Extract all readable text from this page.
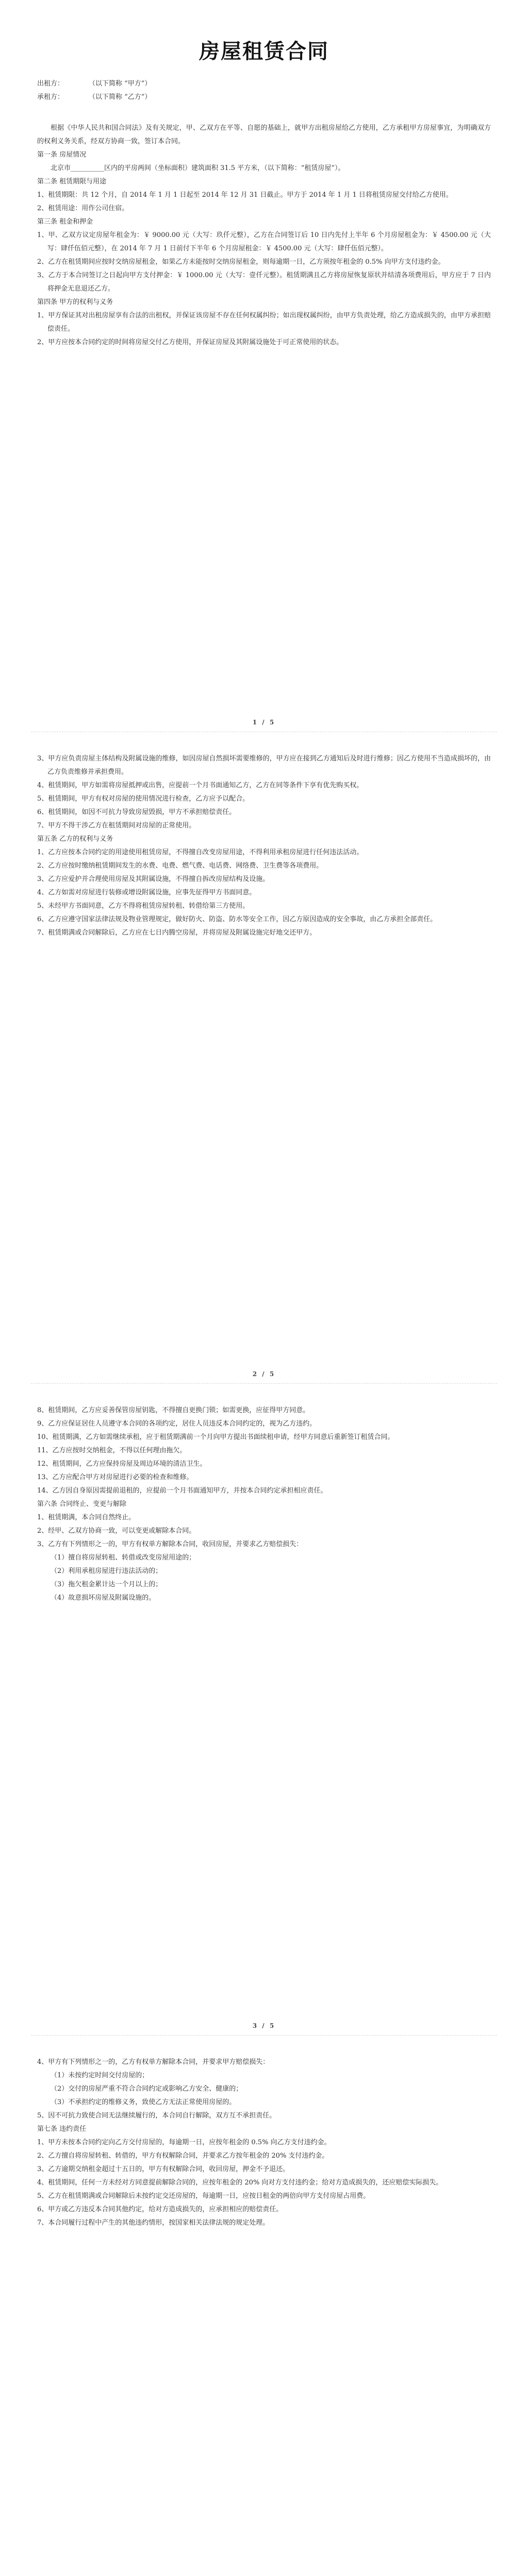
房屋租赁合同

出租方：	（以下简称 “甲方”）

承租方：	（以下简称 “乙方”）

根据《中华人民共和国合同法》及有关规定，甲、乙双方在平等、自愿的基础上，就甲方出租房屋给乙方使用，乙方承租甲方房屋事宜，为明确双方的权利义务关系，经双方协商一致，签订本合同。

第一条 房屋情况

北京市__________区内的平房两间（坐标面积）建筑面积 31.5 平方米，（以下简称：“租赁房屋”）。

第二条 租赁期限与用途

1、租赁期限：共 12 个月，自 2014 年 1 月 1 日起至 2014 年 12 月 31 日截止。甲方于 2014 年 1 月 1 日将租赁房屋交付给乙方使用。

2、租赁用途：用作公司住宿。

第三条 租金和押金

1、甲、乙双方议定房屋年租金为：￥ 9000.00 元（大写：玖仟元整），乙方在合同签订后 10 日内先付上半年 6 个月房屋租金为：￥ 4500.00 元（大写：肆仟伍佰元整），在 2014 年 7 月 1 日前付下半年 6 个月房屋租金：￥ 4500.00 元（大写：肆仟伍佰元整）。

2、乙方在租赁期间应按时交纳房屋租金，如果乙方未能按时交纳房屋租金，则每逾期一日，乙方须按年租金的 0.5% 向甲方支付违约金。

3、乙方于本合同签订之日起向甲方支付押金：￥ 1000.00 元（大写：壹仟元整）。租赁期满且乙方将房屋恢复原状并结清各项费用后，甲方应于 7 日内将押金无息退还乙方。

第四条 甲方的权利与义务

1、甲方保证其对出租房屋享有合法的出租权，并保证该房屋不存在任何权属纠纷；如出现权属纠纷，由甲方负责处理，给乙方造成损失的，由甲方承担赔偿责任。

2、甲方应按本合同约定的时间将房屋交付乙方使用，并保证房屋及其附属设施处于可正常使用的状态。

1 / 5

3、甲方应负责房屋主体结构及附属设施的维修，如因房屋自然损坏需要维修的，甲方应在接到乙方通知后及时进行维修；因乙方使用不当造成损坏的，由乙方负责维修并承担费用。

4、租赁期间，甲方如需将房屋抵押或出售，应提前一个月书面通知乙方，乙方在同等条件下享有优先购买权。

5、租赁期间，甲方有权对房屋的使用情况进行检查，乙方应予以配合。

6、租赁期间，如因不可抗力导致房屋毁损，甲方不承担赔偿责任。

7、甲方不得干涉乙方在租赁期间对房屋的正常使用。

第五条 乙方的权利与义务

1、乙方应按本合同约定的用途使用租赁房屋，不得擅自改变房屋用途，不得利用承租房屋进行任何违法活动。

2、乙方应按时缴纳租赁期间发生的水费、电费、燃气费、电话费、网络费、卫生费等各项费用。

3、乙方应爱护并合理使用房屋及其附属设施，不得擅自拆改房屋结构及设施。

4、乙方如需对房屋进行装修或增设附属设施，应事先征得甲方书面同意。

5、未经甲方书面同意，乙方不得将租赁房屋转租、转借给第三方使用。

6、乙方应遵守国家法律法规及物业管理规定，做好防火、防盗、防水等安全工作，因乙方原因造成的安全事故，由乙方承担全部责任。

7、租赁期满或合同解除后，乙方应在七日内腾空房屋，并将房屋及附属设施完好地交还甲方。

2 / 5

8、租赁期间，乙方应妥善保管房屋钥匙，不得擅自更换门锁；如需更换，应征得甲方同意。

9、乙方应保证居住人员遵守本合同的各项约定，居住人员违反本合同约定的，视为乙方违约。

10、租赁期满，乙方如需继续承租，应于租赁期满前一个月向甲方提出书面续租申请，经甲方同意后重新签订租赁合同。

11、乙方应按时交纳租金，不得以任何理由拖欠。

12、租赁期间，乙方应保持房屋及周边环境的清洁卫生。

13、乙方应配合甲方对房屋进行必要的检查和维修。

14、乙方因自身原因需提前退租的，应提前一个月书面通知甲方，并按本合同约定承担相应责任。

第六条 合同终止、变更与解除

1、租赁期满，本合同自然终止。

2、经甲、乙双方协商一致，可以变更或解除本合同。

3、乙方有下列情形之一的，甲方有权单方解除本合同，收回房屋，并要求乙方赔偿损失：

（1）擅自将房屋转租、转借或改变房屋用途的；

（2）利用承租房屋进行违法活动的；

（3）拖欠租金累计达一个月以上的；

（4）故意损坏房屋及附属设施的。

3 / 5

4、甲方有下列情形之一的，乙方有权单方解除本合同，并要求甲方赔偿损失：

（1）未按约定时间交付房屋的；

（2）交付的房屋严重不符合合同约定或影响乙方安全、健康的；

（3）不承担约定的维修义务，致使乙方无法正常使用房屋的。

5、因不可抗力致使合同无法继续履行的，本合同自行解除，双方互不承担责任。

第七条 违约责任

1、甲方未按本合同约定向乙方交付房屋的，每逾期一日，应按年租金的 0.5% 向乙方支付违约金。

2、乙方擅自将房屋转租、转借的，甲方有权解除合同，并要求乙方按年租金的 20% 支付违约金。

3、乙方逾期交纳租金超过十五日的，甲方有权解除合同，收回房屋，押金不予退还。

4、租赁期间，任何一方未经对方同意提前解除合同的，应按年租金的 20% 向对方支付违约金；给对方造成损失的，还应赔偿实际损失。

5、乙方在租赁期满或合同解除后未按约定交还房屋的，每逾期一日，应按日租金的两倍向甲方支付房屋占用费。

6、甲方或乙方违反本合同其他约定，给对方造成损失的，应承担相应的赔偿责任。

7、本合同履行过程中产生的其他违约情形，按国家相关法律法规的规定处理。
